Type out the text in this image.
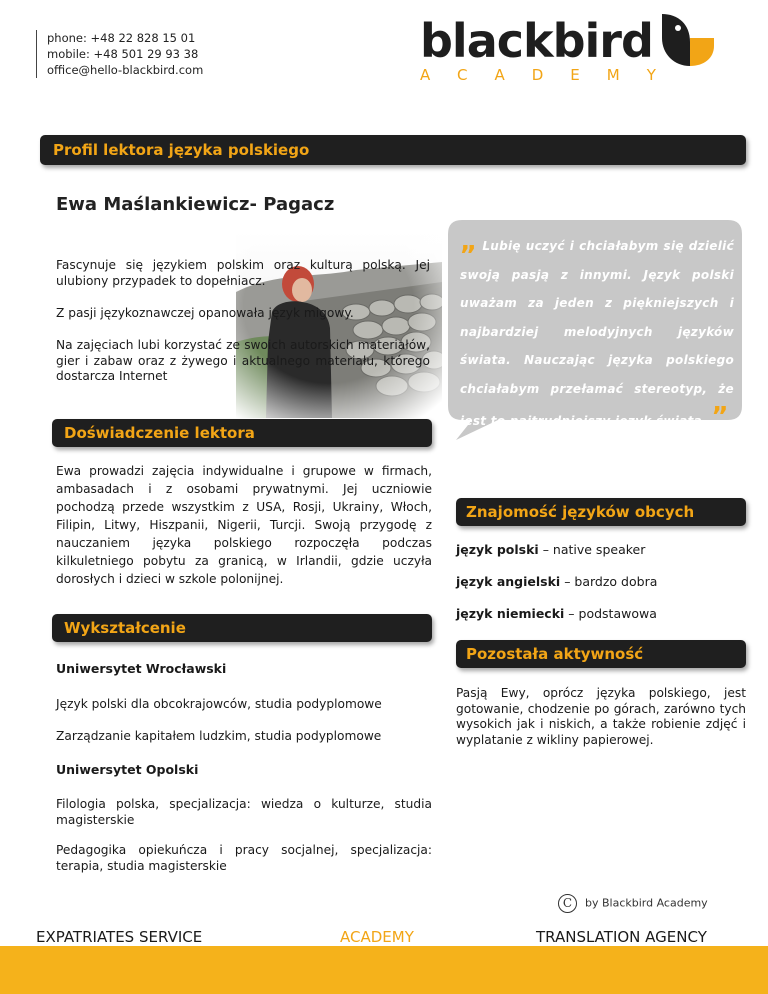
phone: +48 22 828 15 01
mobile: +48 501 29 93 38
office@hello-blackbird.com
blackbird
ACADEMY
Profil lektora języka polskiego
Ewa Maślankiewicz- Pagacz
Fascynuje się językiem polskim oraz kulturą polską. Jej ulubiony przypadek to dopełniacz.
Z pasji językoznawczej opanowała język migowy.
Na zajęciach lubi korzystać ze swoich autorskich materiałów, gier i zabaw oraz z żywego i aktualnego materiału, którego dostarcza Internet
„ Lubię uczyć i chciałabym się dzielić swoją pasją z innymi. Język polski uważam za jeden z piękniejszych i najbardziej melodyjnych języków świata. Nauczając języka polskiego chciałabym przełamać stereotyp, że jest to najtrudniejszy język świata. ”
Doświadczenie lektora
Ewa prowadzi zajęcia indywidualne i grupowe w firmach, ambasadach i z osobami prywatnymi. Jej uczniowie pochodzą przede wszystkim z USA, Rosji, Ukrainy, Włoch, Filipin, Litwy, Hiszpanii, Nigerii, Turcji. Swoją przygodę z nauczaniem języka polskiego rozpoczęła podczas kilkuletniego pobytu za granicą, w Irlandii, gdzie uczyła dorosłych i dzieci w szkole polonijnej.
Wykształcenie
Uniwersytet Wrocławski
Język polski dla obcokrajowców, studia podyplomowe
Zarządzanie kapitałem ludzkim, studia podyplomowe
Uniwersytet Opolski
Filologia polska, specjalizacja: wiedza o kulturze, studia magisterskie
Pedagogika opiekuńcza i pracy socjalnej, specjalizacja: terapia, studia magisterskie
Znajomość języków obcych
język polski – native speaker
język angielski – bardzo dobra
język niemiecki – podstawowa
Pozostała aktywność
Pasją Ewy, oprócz języka polskiego, jest gotowanie, chodzenie po górach, zarówno tych wysokich jak i niskich, a także robienie zdjęć i wyplatanie z wikliny papierowej.
C by Blackbird Academy
EXPATRIATES SERVICE	ACADEMY	TRANSLATION AGENCY
